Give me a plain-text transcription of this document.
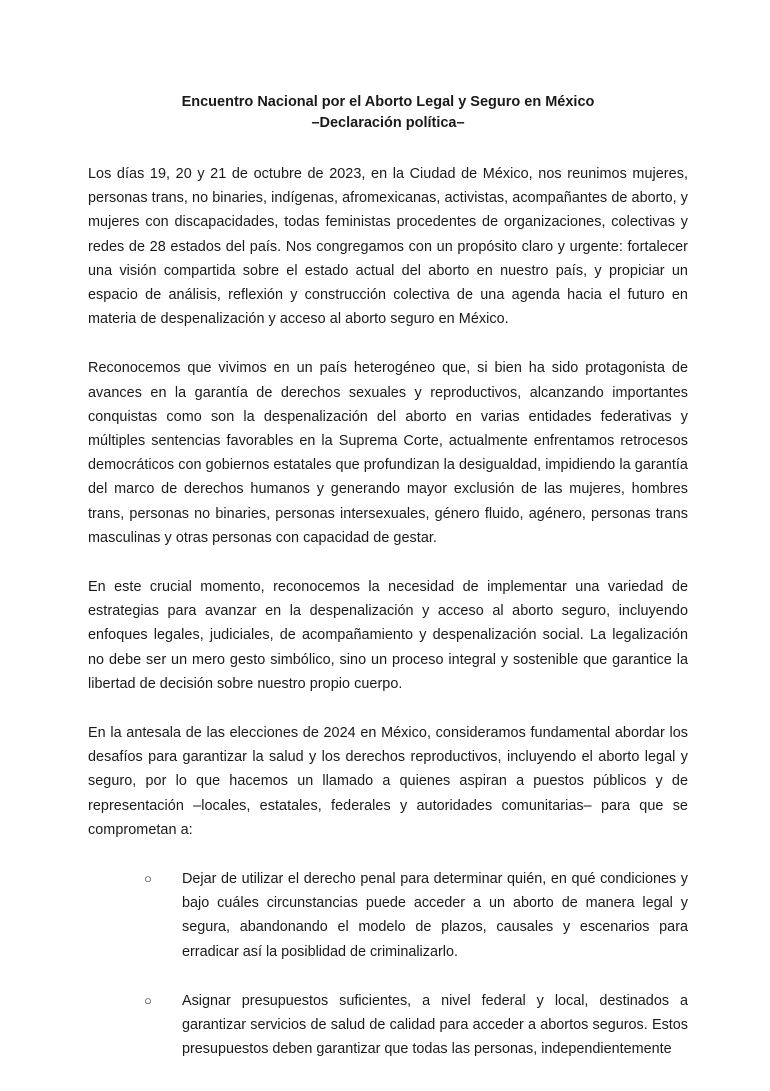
Encuentro Nacional por el Aborto Legal y Seguro en México
–Declaración política–

Los días 19, 20 y 21 de octubre de 2023, en la Ciudad de México, nos reunimos mujeres, personas trans, no binaries, indígenas, afromexicanas, activistas, acompañantes de aborto, y mujeres con discapacidades, todas feministas procedentes de organizaciones, colectivas y redes de 28 estados del país. Nos congregamos con un propósito claro y urgente: fortalecer una visión compartida sobre el estado actual del aborto en nuestro país, y propiciar un espacio de análisis, reflexión y construcción colectiva de una agenda hacia el futuro en materia de despenalización y acceso al aborto seguro en México.

Reconocemos que vivimos en un país heterogéneo que, si bien ha sido protagonista de avances en la garantía de derechos sexuales y reproductivos, alcanzando importantes conquistas como son la despenalización del aborto en varias entidades federativas y múltiples sentencias favorables en la Suprema Corte, actualmente enfrentamos retrocesos democráticos con gobiernos estatales que profundizan la desigualdad, impidiendo la garantía del marco de derechos humanos y generando mayor exclusión de las mujeres, hombres trans, personas no binaries, personas intersexuales, género fluido, agénero, personas trans masculinas y otras personas con capacidad de gestar.

En este crucial momento, reconocemos la necesidad de implementar una variedad de estrategias para avanzar en la despenalización y acceso al aborto seguro, incluyendo enfoques legales, judiciales, de acompañamiento y despenalización social. La legalización no debe ser un mero gesto simbólico, sino un proceso integral y sostenible que garantice la libertad de decisión sobre nuestro propio cuerpo.

En la antesala de las elecciones de 2024 en México, consideramos fundamental abordar los desafíos para garantizar la salud y los derechos reproductivos, incluyendo el aborto legal y seguro, por lo que hacemos un llamado a quienes aspiran a puestos públicos y de representación –locales, estatales, federales y autoridades comunitarias– para que se comprometan a:

○ Dejar de utilizar el derecho penal para determinar quién, en qué condiciones y bajo cuáles circunstancias puede acceder a un aborto de manera legal y segura, abandonando el modelo de plazos, causales y escenarios para erradicar así la posiblidad de criminalizarlo.
○ Asignar presupuestos suficientes, a nivel federal y local, destinados a garantizar servicios de salud de calidad para acceder a abortos seguros. Estos presupuestos deben garantizar que todas las personas, independientemente
